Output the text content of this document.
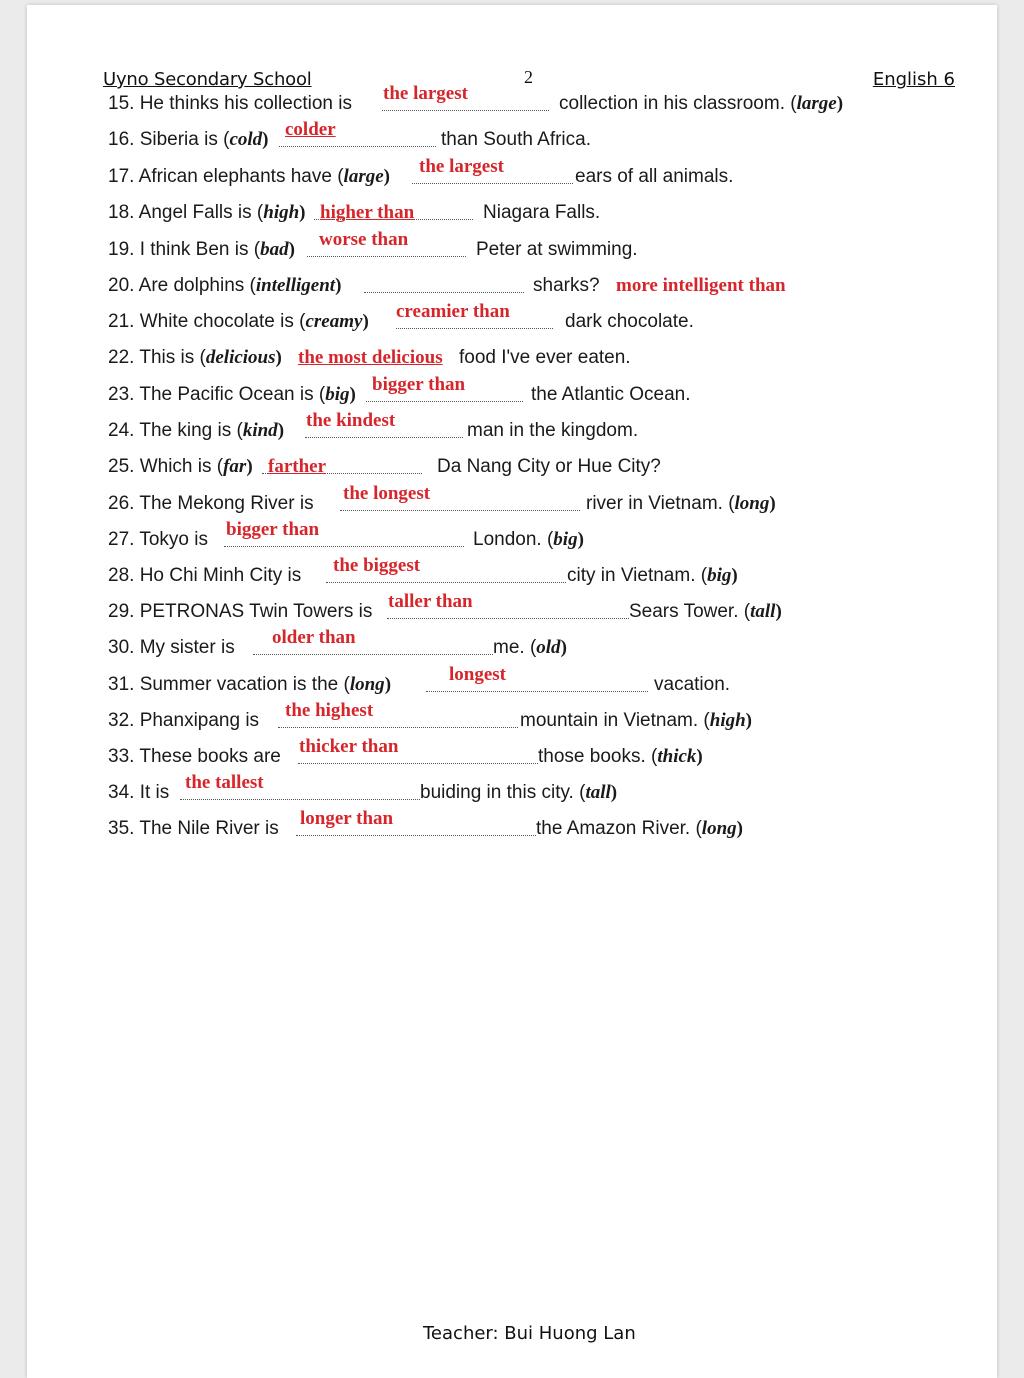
Uyno Secondary School	2	English 6
15. He thinks his collection is the largest	collection in his classroom. (large)
16. Siberia is (cold) colder	than South Africa.
17. African elephants have (large) the largest	ears of all animals.
18. Angel Falls is (high) higher than	Niagara Falls.
19. I think Ben is (bad) worse than	Peter at swimming.
20. Are dolphins (intelligent)	sharks? more intelligent than
21. White chocolate is (creamy) creamier than	dark chocolate.
22. This is (delicious) the most delicious food I've ever eaten.
23. The Pacific Ocean is (big) bigger than	the Atlantic Ocean.
24. The king is (kind) the kindest	man in the kingdom.
25. Which is (far) farther	Da Nang City or Hue City?
26. The Mekong River is the longest	river in Vietnam. (long)
27. Tokyo is bigger than	London. (big)
28. Ho Chi Minh City is the biggest	city in Vietnam. (big)
29. PETRONAS Twin Towers is taller than	Sears Tower. (tall)
30. My sister is older than	me. (old)
31. Summer vacation is the (long)	longest	vacation.
32. Phanxipang is the highest	mountain in Vietnam. (high)
33. These books are thicker than	those books. (thick)
34. It is the tallest	buiding in this city. (tall)
35. The Nile River is longer than	the Amazon River. (long)
Teacher: Bui Huong Lan
